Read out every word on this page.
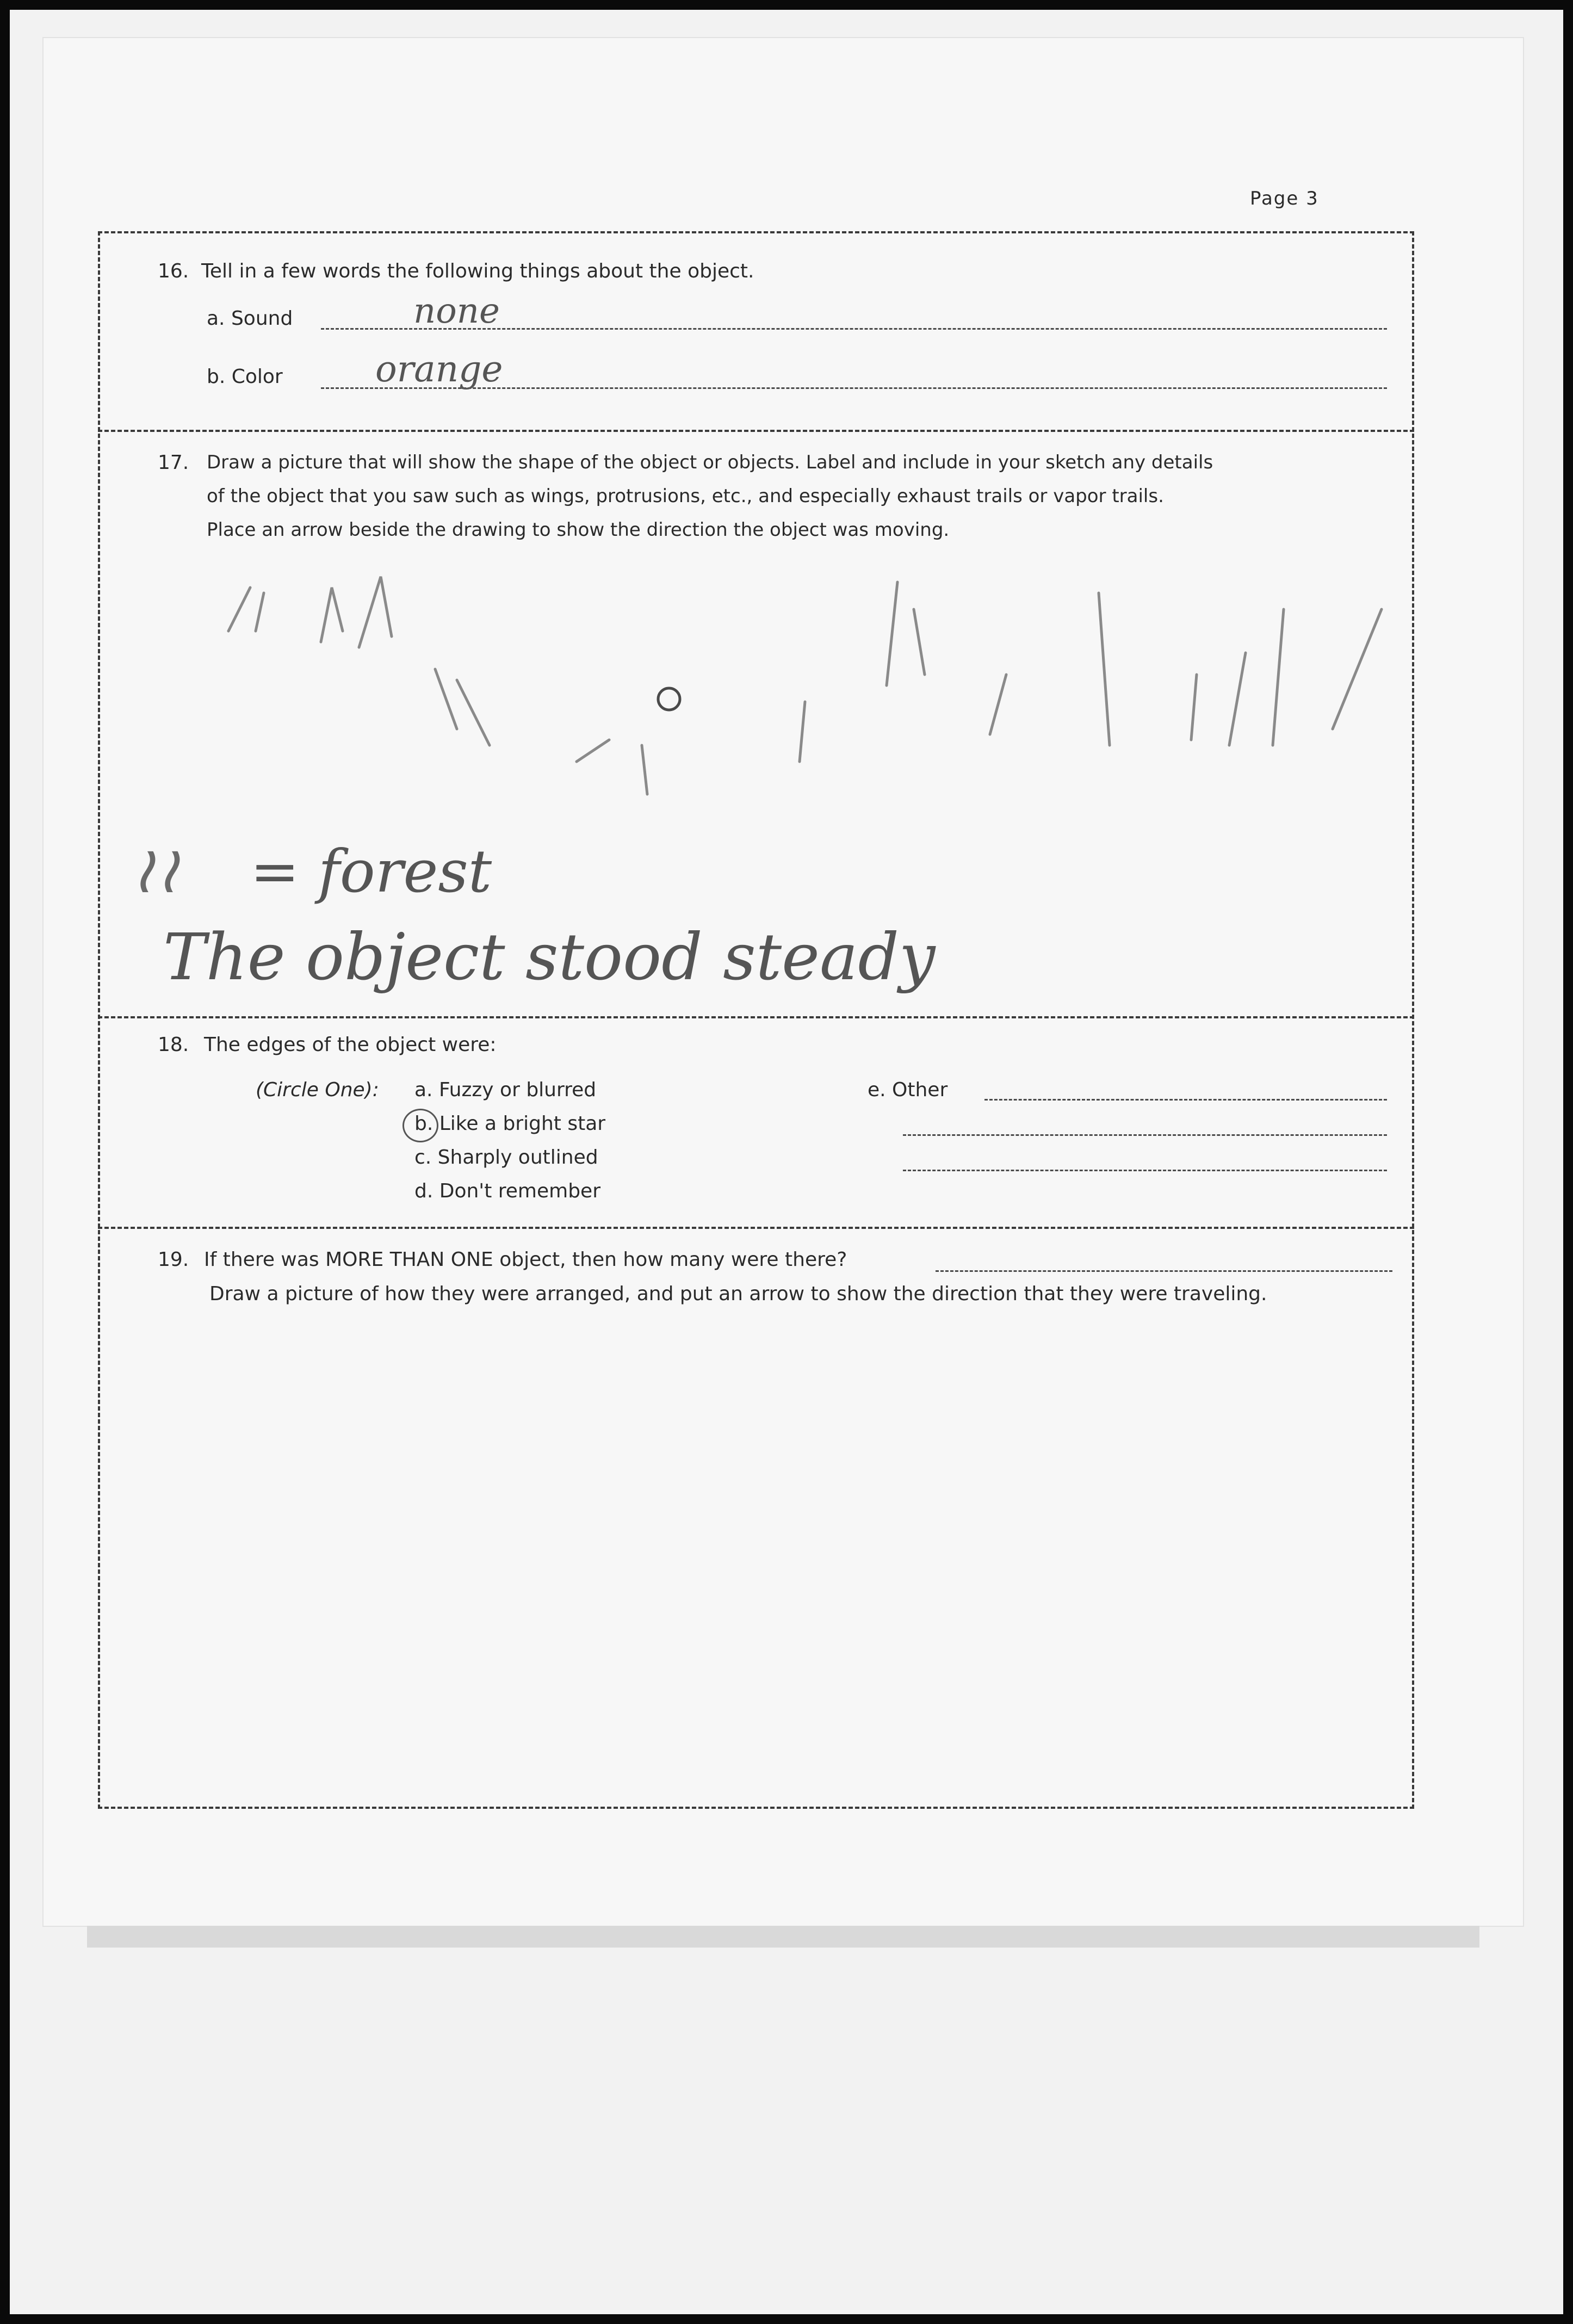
Page 3
16. Tell in a few words the following things about the object.
a. Sound	none
b. Color	orange
17. Draw a picture that will show the shape of the object or objects. Label and include in your sketch any details
of the object that you saw such as wings, protrusions, etc., and especially exhaust trails or vapor trails.
Place an arrow beside the drawing to show the direction the object was moving.
≀≀ = forest
The object stood steady
18. The edges of the object were:
(Circle One): a. Fuzzy or blurred
b. Like a bright star
c. Sharply outlined
d. Don't remember
e. Other
19. If there was MORE THAN ONE object, then how many were there?
Draw a picture of how they were arranged, and put an arrow to show the direction that they were traveling.
